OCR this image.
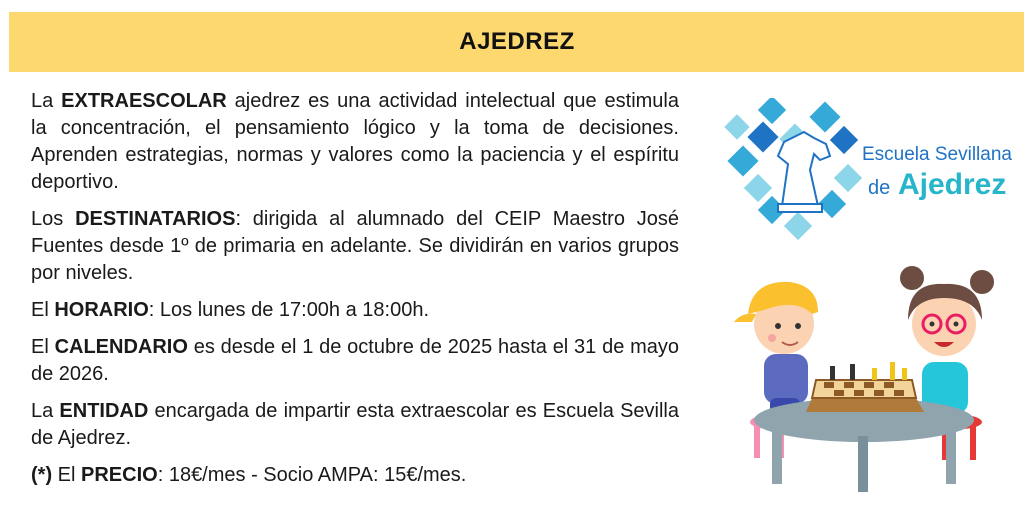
AJEDREZ

La EXTRAESCOLAR ajedrez es una actividad intelectual que estimula la concentración, el pensamiento lógico y la toma de decisiones. Aprenden estrategias, normas y valores como la paciencia y el espíritu deportivo.

Los DESTINATARIOS: dirigida al alumnado del CEIP Maestro José Fuentes desde 1º de primaria en adelante. Se dividirán en varios grupos por niveles.

El HORARIO: Los lunes de 17:00h a 18:00h.

El CALENDARIO es desde el 1 de octubre de 2025 hasta el 31 de mayo de 2026.

La ENTIDAD encargada de impartir esta extraescolar es Escuela Sevilla de Ajedrez.

(*) El PRECIO: 18€/mes - Socio AMPA: 15€/mes.

Escuela Sevillana
de Ajedrez
